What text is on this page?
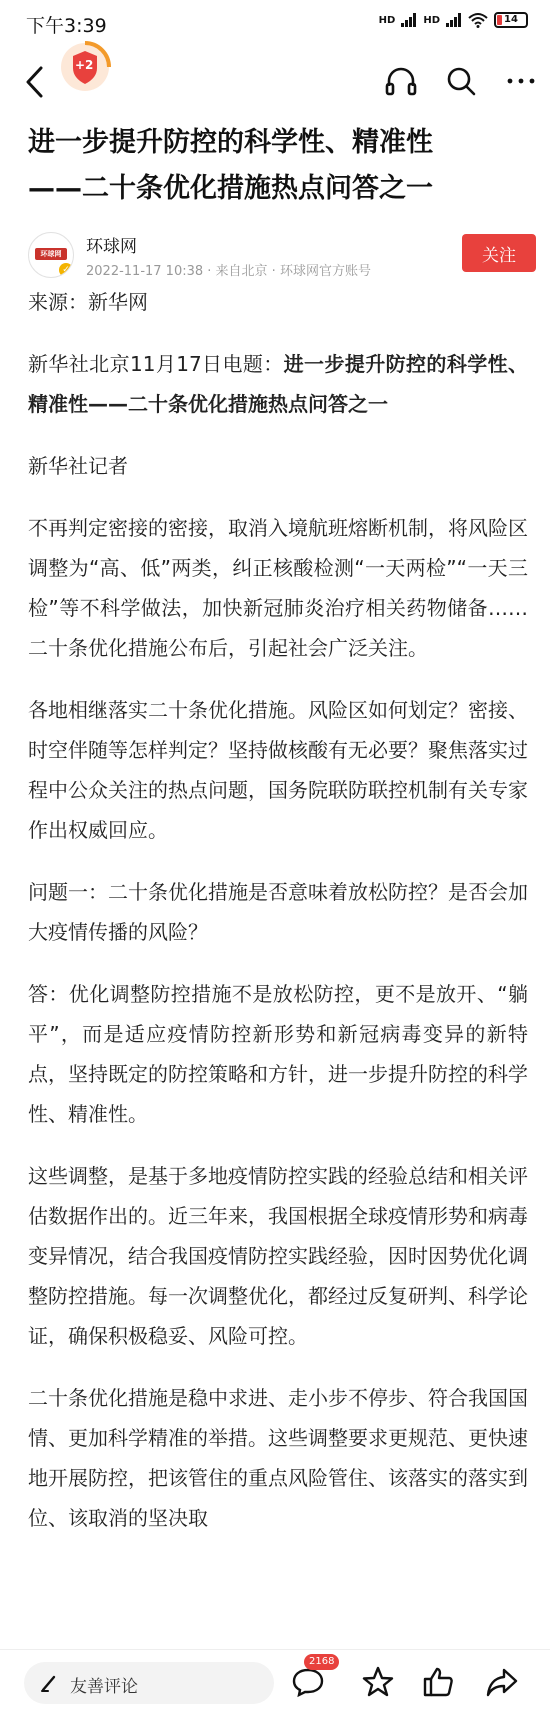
下午3:39	HD	HD	14
+2
进一步提升防控的科学性、精准性
——二十条优化措施热点问答之一
环球网
✓
环球网
2022-11-17 10:38 · 来自北京 · 环球网官方账号
关注

来源：新华网

新华社北京11月17日电题：进一步提升防控的科学性、精准性——二十条优化措施热点问答之一

新华社记者

不再判定密接的密接，取消入境航班熔断机制，将风险区调整为“高、低”两类，纠正核酸检测“一天两检”“一天三检”等不科学做法，加快新冠肺炎治疗相关药物储备……二十条优化措施公布后，引起社会广泛关注。

各地相继落实二十条优化措施。风险区如何划定？密接、时空伴随等怎样判定？坚持做核酸有无必要？聚焦落实过程中公众关注的热点问题，国务院联防联控机制有关专家作出权威回应。

问题一：二十条优化措施是否意味着放松防控？是否会加大疫情传播的风险？

答：优化调整防控措施不是放松防控，更不是放开、“躺平”，而是适应疫情防控新形势和新冠病毒变异的新特点，坚持既定的防控策略和方针，进一步提升防控的科学性、精准性。

这些调整，是基于多地疫情防控实践的经验总结和相关评估数据作出的。近三年来，我国根据全球疫情形势和病毒变异情况，结合我国疫情防控实践经验，因时因势优化调整防控措施。每一次调整优化，都经过反复研判、科学论证，确保积极稳妥、风险可控。

二十条优化措施是稳中求进、走小步不停步、符合我国国情、更加科学精准的举措。这些调整要求更规范、更快速地开展防控，把该管住的重点风险管住、该落实的落实到位、该取消的坚决取

友善评论
2168
